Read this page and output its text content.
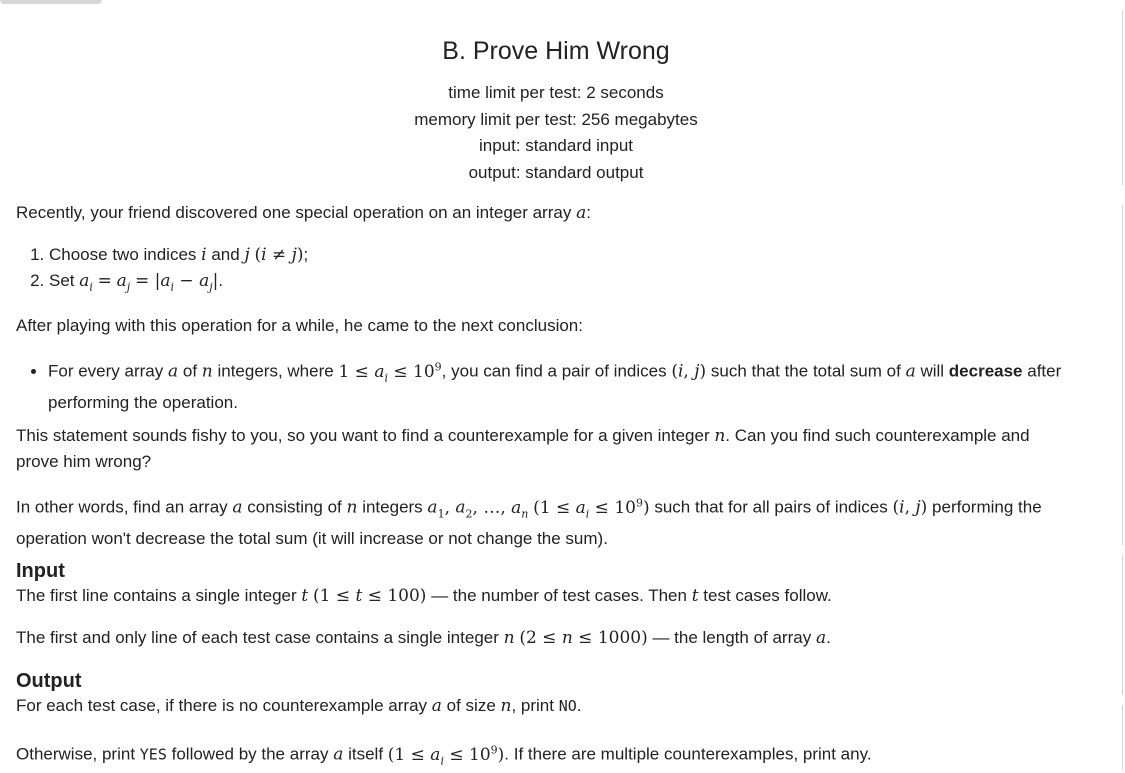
B. Prove Him Wrong
time limit per test: 2 seconds
memory limit per test: 256 megabytes
input: standard input
output: standard output

Recently, your friend discovered one special operation on an integer array a:

1. Choose two indices i and j (i ≠ j);
2. Set $a_i = a_j = |a_i - a_j|$.

After playing with this operation for a while, he came to the next conclusion:

• For every array a of n integers, where $1 \le a_i \le 10^9$, you can find a pair of indices (i, j) such that the total sum of a will decrease after performing the operation.

This statement sounds fishy to you, so you want to find a counterexample for a given integer n. Can you find such counterexample and prove him wrong?

In other words, find an array a consisting of n integers $a_1$, $a_2$, …, $a_n$ $(1 \le a_i \le 10^9)$ such that for all pairs of indices (i, j) performing the operation won't decrease the total sum (it will increase or not change the sum).

Input

The first line contains a single integer t (1 ≤ t ≤ 100) — the number of test cases. Then t test cases follow.

The first and only line of each test case contains a single integer n (2 ≤ n ≤ 1000) — the length of array a.

Output

For each test case, if there is no counterexample array a of size n, print NO.

Otherwise, print YES followed by the array a itself $(1 \le a_i \le 10^9)$. If there are multiple counterexamples, print any.
